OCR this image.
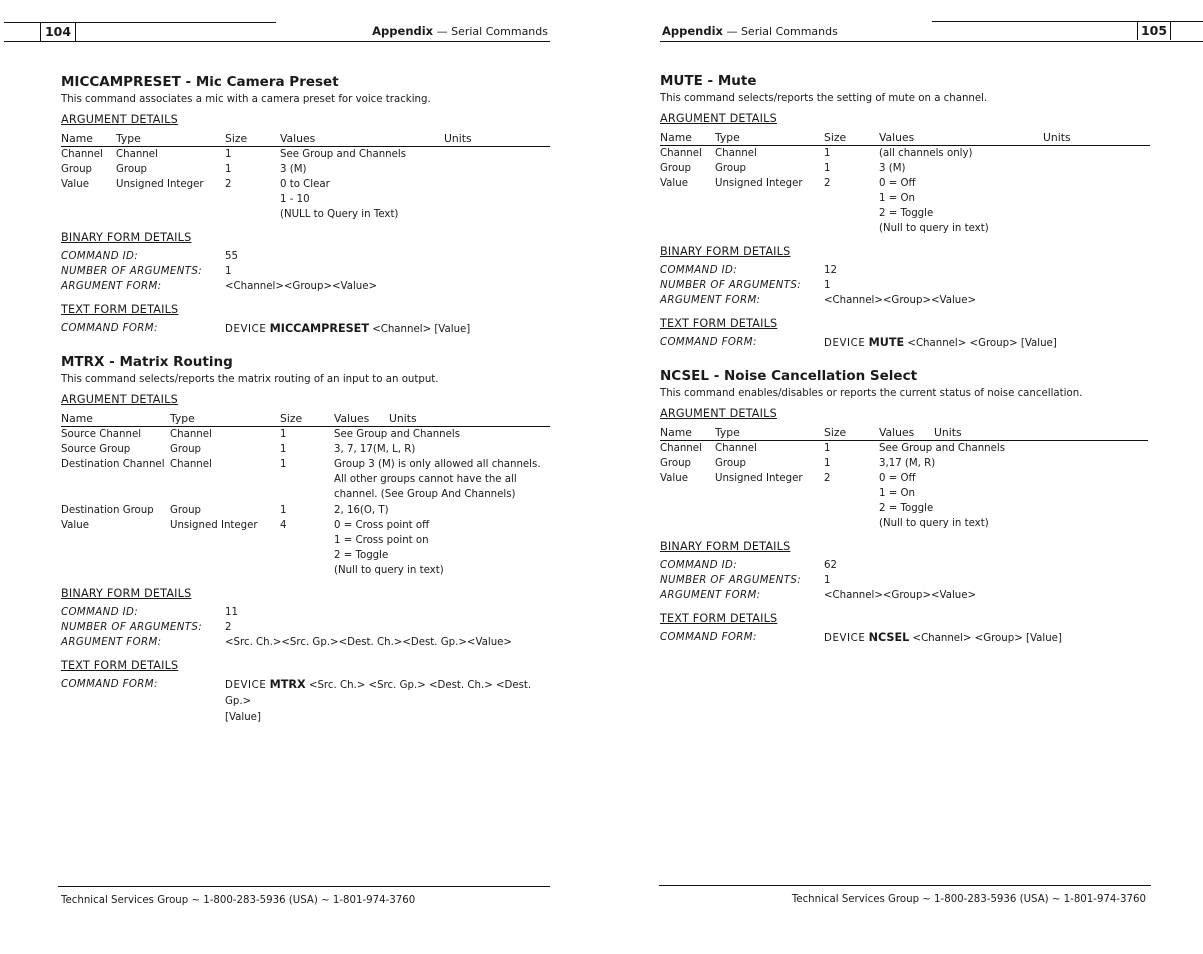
104	Appendix — Serial Commands
MICCAMPRESET - Mic Camera Preset

This command associates a mic with a camera preset for voice tracking.

ARGUMENT DETAILS

Name	Type	Size	Values	Units
Channel	Channel	1	See Group and Channels	
Group	Group	1	3 (M)	
Value	Unsigned Integer	2	0 to Clear	
			1 - 10	
			(NULL to Query in Text)	

BINARY FORM DETAILS

COMMAND ID:	55
NUMBER OF ARGUMENTS:	1
ARGUMENT FORM:	<Channel><Group><Value>

TEXT FORM DETAILS

COMMAND FORM:	DEVICE MICCAMPRESET <Channel> [Value]
MTRX - Matrix Routing

This command selects/reports the matrix routing of an input to an output.

ARGUMENT DETAILS

Name	Type	Size	Values	Units
Source Channel	Channel	1	See Group and Channels	
Source Group	Group	1	3, 7, 17(M, L, R)	
Destination Channel	Channel	1	Group 3 (M) is only allowed all channels.	
			All other groups cannot have the all	
			channel. (See Group And Channels)	
Destination Group	Group	1	2, 16(O, T)	
Value	Unsigned Integer	4	0 = Cross point off	
			1 = Cross point on	
			2 = Toggle	
			(Null to query in text)	

BINARY FORM DETAILS

COMMAND ID:	11
NUMBER OF ARGUMENTS:	2
ARGUMENT FORM:	<Src. Ch.><Src. Gp.><Dest. Ch.><Dest. Gp.><Value>

TEXT FORM DETAILS

COMMAND FORM:	DEVICE MTRX <Src. Ch.> <Src. Gp.> <Dest. Ch.> <Dest. Gp.>
[Value]
Technical Services Group ~ 1-800-283-5936 (USA) ~ 1-801-974-3760
105
Appendix — Serial Commands
MUTE - Mute

This command selects/reports the setting of mute on a channel.

ARGUMENT DETAILS

Name	Type	Size	Values	Units
Channel	Channel	1	(all channels only)	
Group	Group	1	3 (M)	
Value	Unsigned Integer	2	0 = Off	
			1 = On	
			2 = Toggle	
			(Null to query in text)	

BINARY FORM DETAILS

COMMAND ID:	12
NUMBER OF ARGUMENTS:	1
ARGUMENT FORM:	<Channel><Group><Value>

TEXT FORM DETAILS

COMMAND FORM:	DEVICE MUTE <Channel> <Group> [Value]
NCSEL - Noise Cancellation Select

This command enables/disables or reports the current status of noise cancellation.

ARGUMENT DETAILS

Name	Type	Size	Values	Units
Channel	Channel	1	See Group and Channels	
Group	Group	1	3,17 (M, R)	
Value	Unsigned Integer	2	0 = Off	
			1 = On	
			2 = Toggle	
			(Null to query in text)	

BINARY FORM DETAILS

COMMAND ID:	62
NUMBER OF ARGUMENTS:	1
ARGUMENT FORM:	<Channel><Group><Value>

TEXT FORM DETAILS

COMMAND FORM:	DEVICE NCSEL <Channel> <Group> [Value]
Technical Services Group ~ 1-800-283-5936 (USA) ~ 1-801-974-3760
